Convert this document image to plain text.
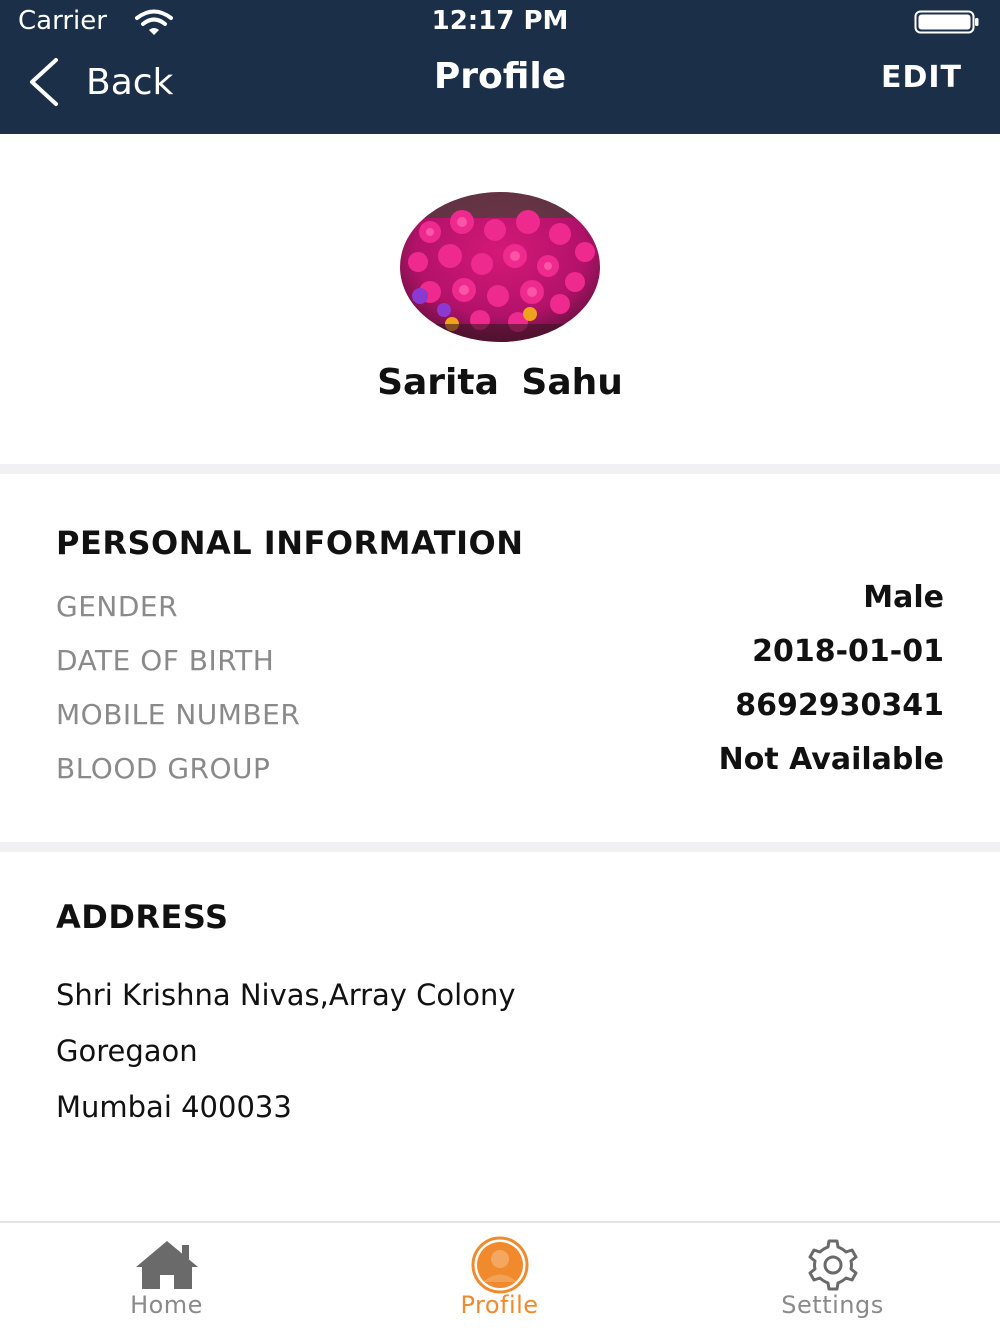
Carrier	12:17 PM
Back	Profile	EDIT
Sarita Sahu
PERSONAL INFORMATION
GENDER	Male
DATE OF BIRTH	2018-01-01
MOBILE NUMBER	8692930341
BLOOD GROUP	Not Available
ADDRESS
Shri Krishna Nivas,Array Colony
Goregaon
Mumbai 400033
Home	Profile	Settings
